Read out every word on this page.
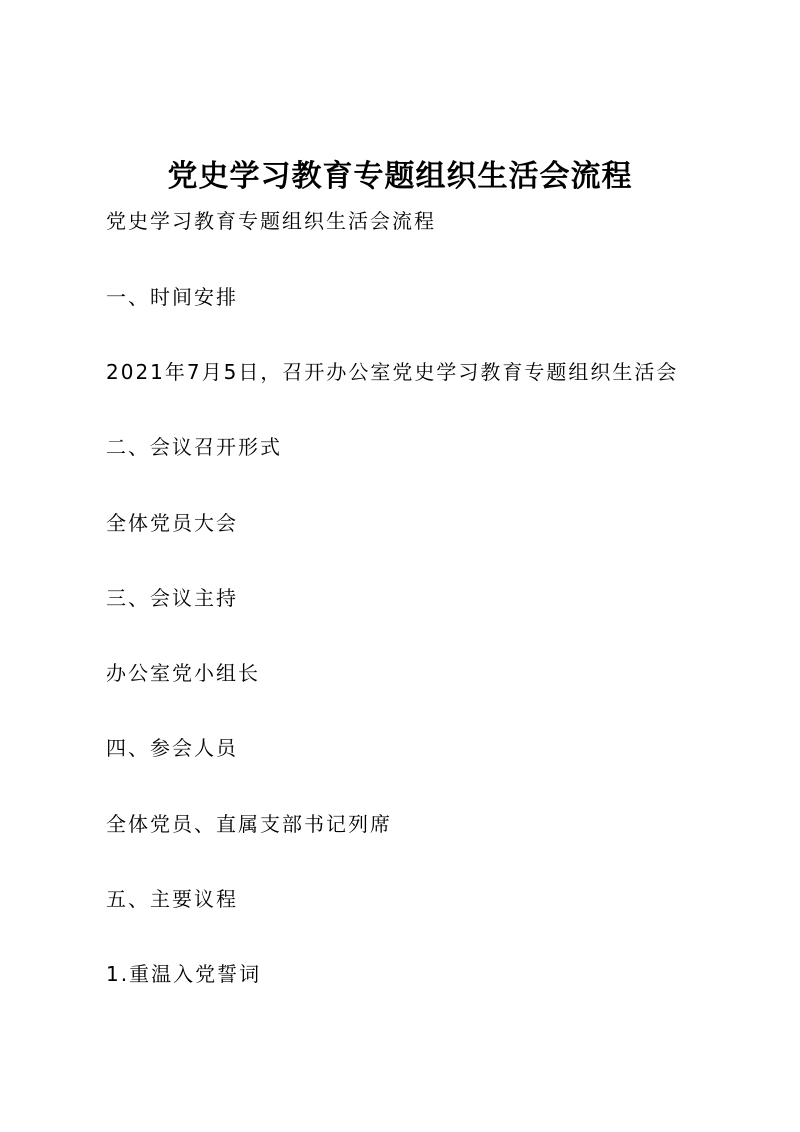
党史学习教育专题组织生活会流程
党史学习教育专题组织生活会流程
一、时间安排
2021年7月5日，召开办公室党史学习教育专题组织生活会
二、会议召开形式
全体党员大会
三、会议主持
办公室党小组长
四、参会人员
全体党员、直属支部书记列席
五、主要议程
1.重温入党誓词
